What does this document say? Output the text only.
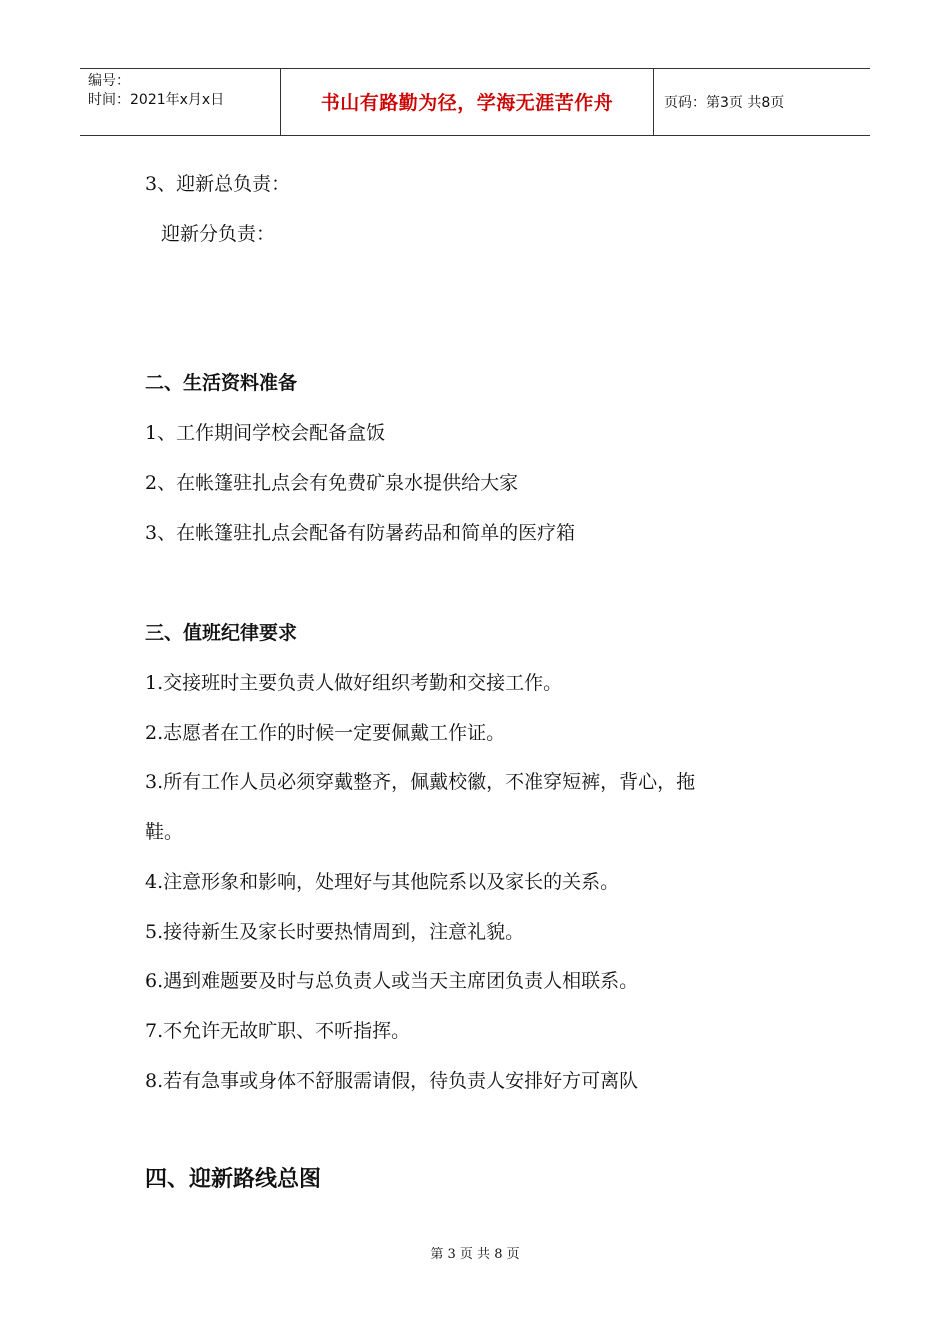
编号：
时间：2021年x月x日	书山有路勤为径，学海无涯苦作舟	页码：第3页 共8页
3、迎新总负责：
迎新分负责：
二、生活资料准备
1、工作期间学校会配备盒饭
2、在帐篷驻扎点会有免费矿泉水提供给大家
3、在帐篷驻扎点会配备有防暑药品和简单的医疗箱
三、值班纪律要求
1.交接班时主要负责人做好组织考勤和交接工作。
2.志愿者在工作的时候一定要佩戴工作证。
3.所有工作人员必须穿戴整齐，佩戴校徽，不准穿短裤，背心，拖
鞋。
4.注意形象和影响，处理好与其他院系以及家长的关系。
5.接待新生及家长时要热情周到，注意礼貌。
6.遇到难题要及时与总负责人或当天主席团负责人相联系。
7.不允许无故旷职、不听指挥。
8.若有急事或身体不舒服需请假，待负责人安排好方可离队
四、迎新路线总图
第 3 页 共 8 页
